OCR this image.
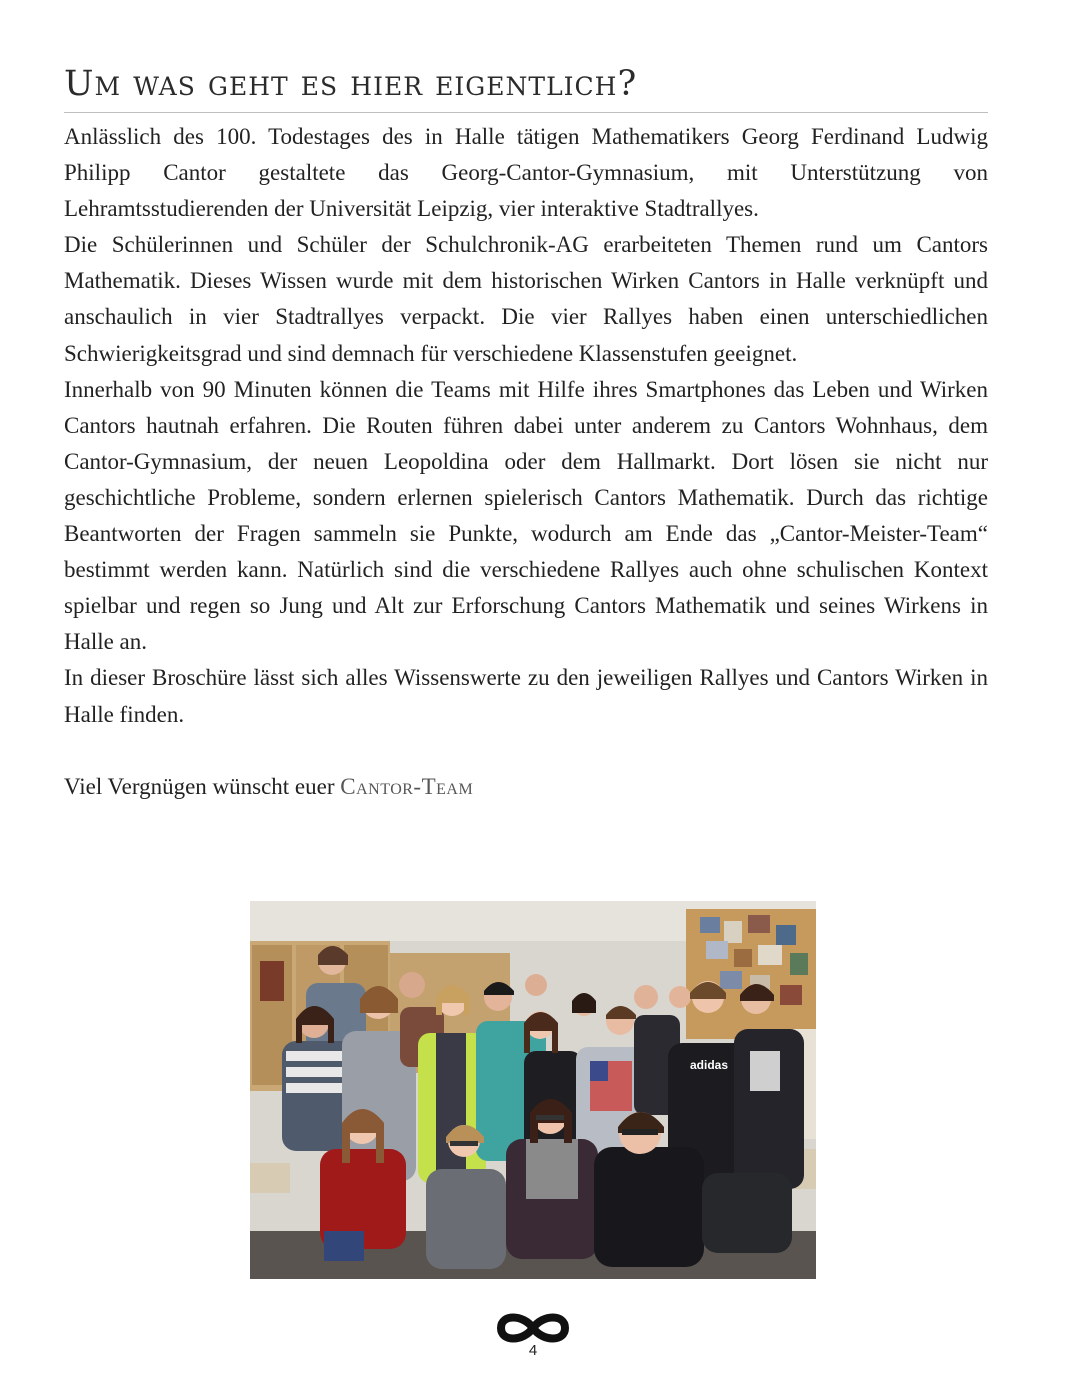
Um was geht es hier eigentlich?

Anlässlich des 100. Todestages des in Halle tätigen Mathematikers Georg Ferdinand Ludwig Philipp Cantor gestaltete das Georg-Cantor-Gymnasium, mit Unterstützung von Lehramtsstudierenden der Universität Leipzig, vier interaktive Stadtrallyes.

Die Schülerinnen und Schüler der Schulchronik-AG erarbeiteten Themen rund um Cantors Mathematik. Dieses Wissen wurde mit dem historischen Wirken Cantors in Halle verknüpft und anschaulich in vier Stadtrallyes verpackt. Die vier Rallyes haben einen unterschiedlichen Schwierigkeitsgrad und sind demnach für verschiedene Klassenstufen geeignet.

Innerhalb von 90 Minuten können die Teams mit Hilfe ihres Smartphones das Leben und Wirken Cantors hautnah erfahren. Die Routen führen dabei unter anderem zu Cantors Wohnhaus, dem Cantor-Gymnasium, der neuen Leopoldina oder dem Hallmarkt. Dort lösen sie nicht nur geschichtliche Probleme, sondern erlernen spielerisch Cantors Mathematik. Durch das richtige Beantworten der Fragen sammeln sie Punkte, wodurch am Ende das „Cantor-Meister-Team“ bestimmt werden kann. Natürlich sind die verschiedene Rallyes auch ohne schulischen Kontext spielbar und regen so Jung und Alt zur Erforschung Cantors Mathematik und seines Wirkens in Halle an.

In dieser Broschüre lässt sich alles Wissenswerte zu den jeweiligen Rallyes und Cantors Wirken in Halle finden.

Viel Vergnügen wünscht euer Cantor-Team

adidas
4
